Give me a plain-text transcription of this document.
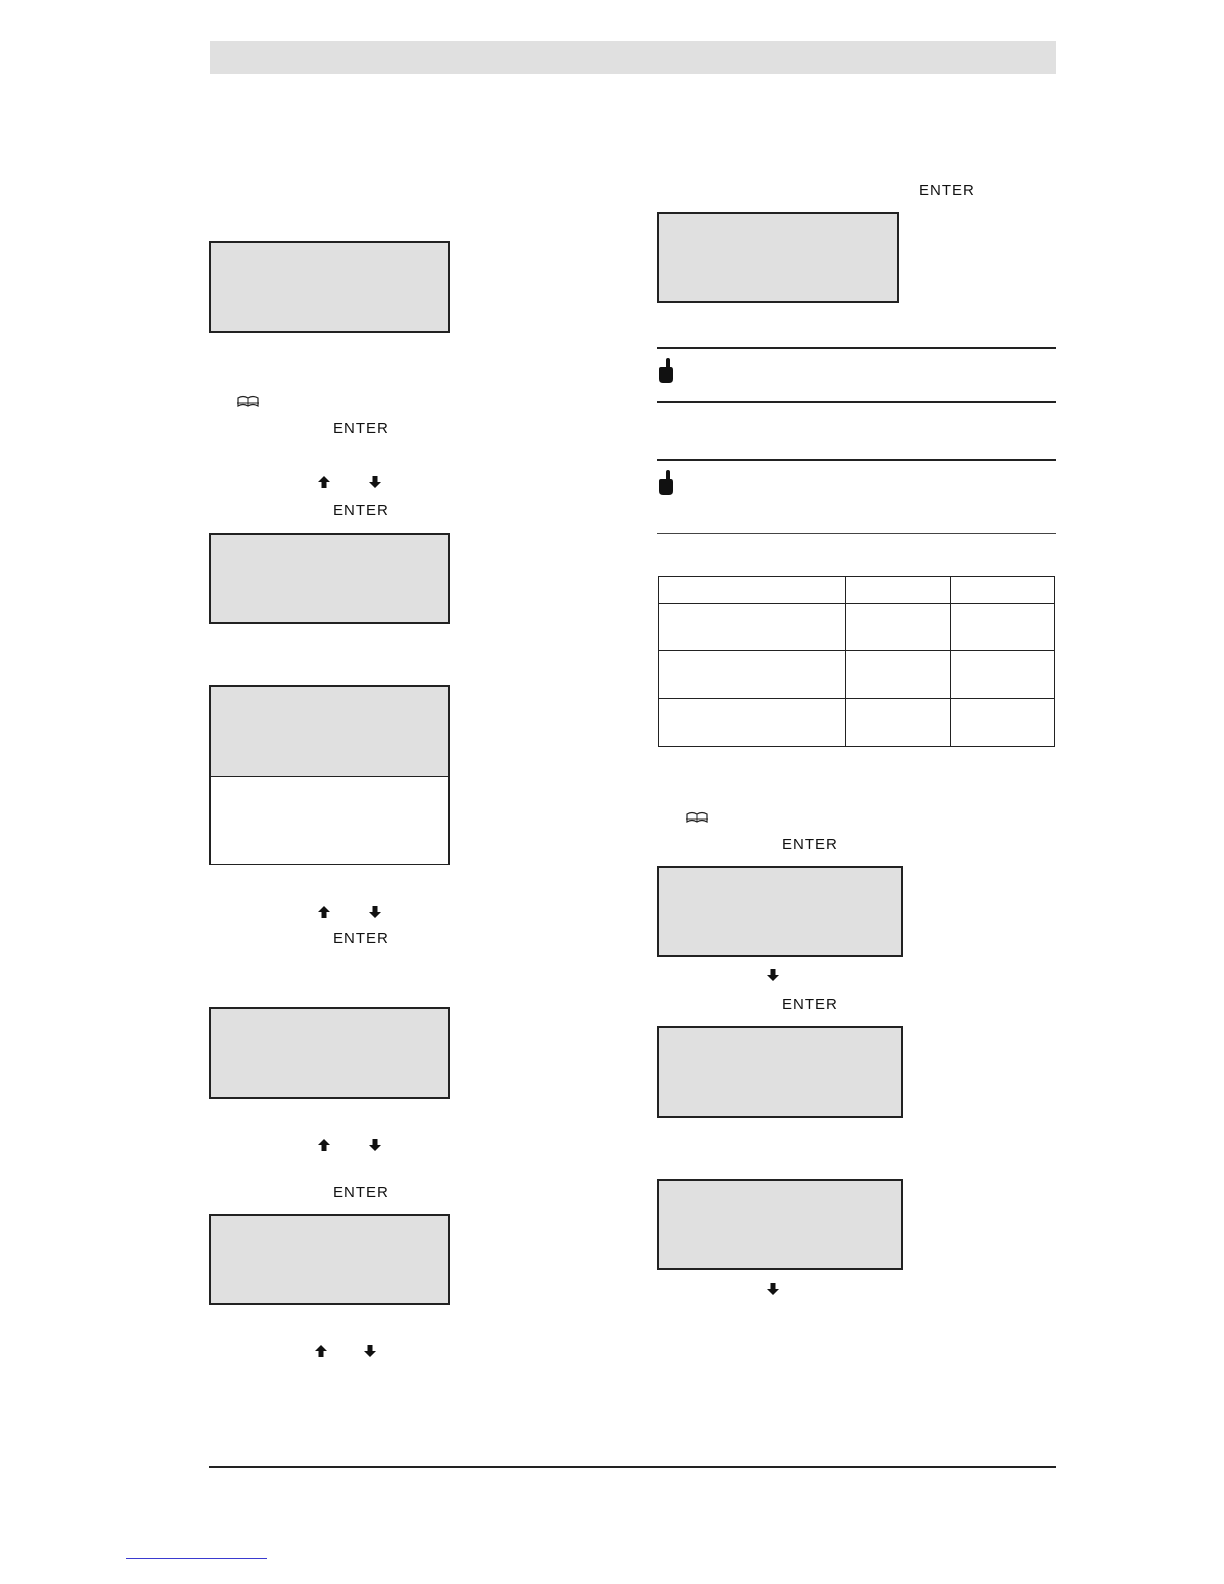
ENTER
ENTER
ENTER
ENTER
ENTER

ENTER
ENTER
